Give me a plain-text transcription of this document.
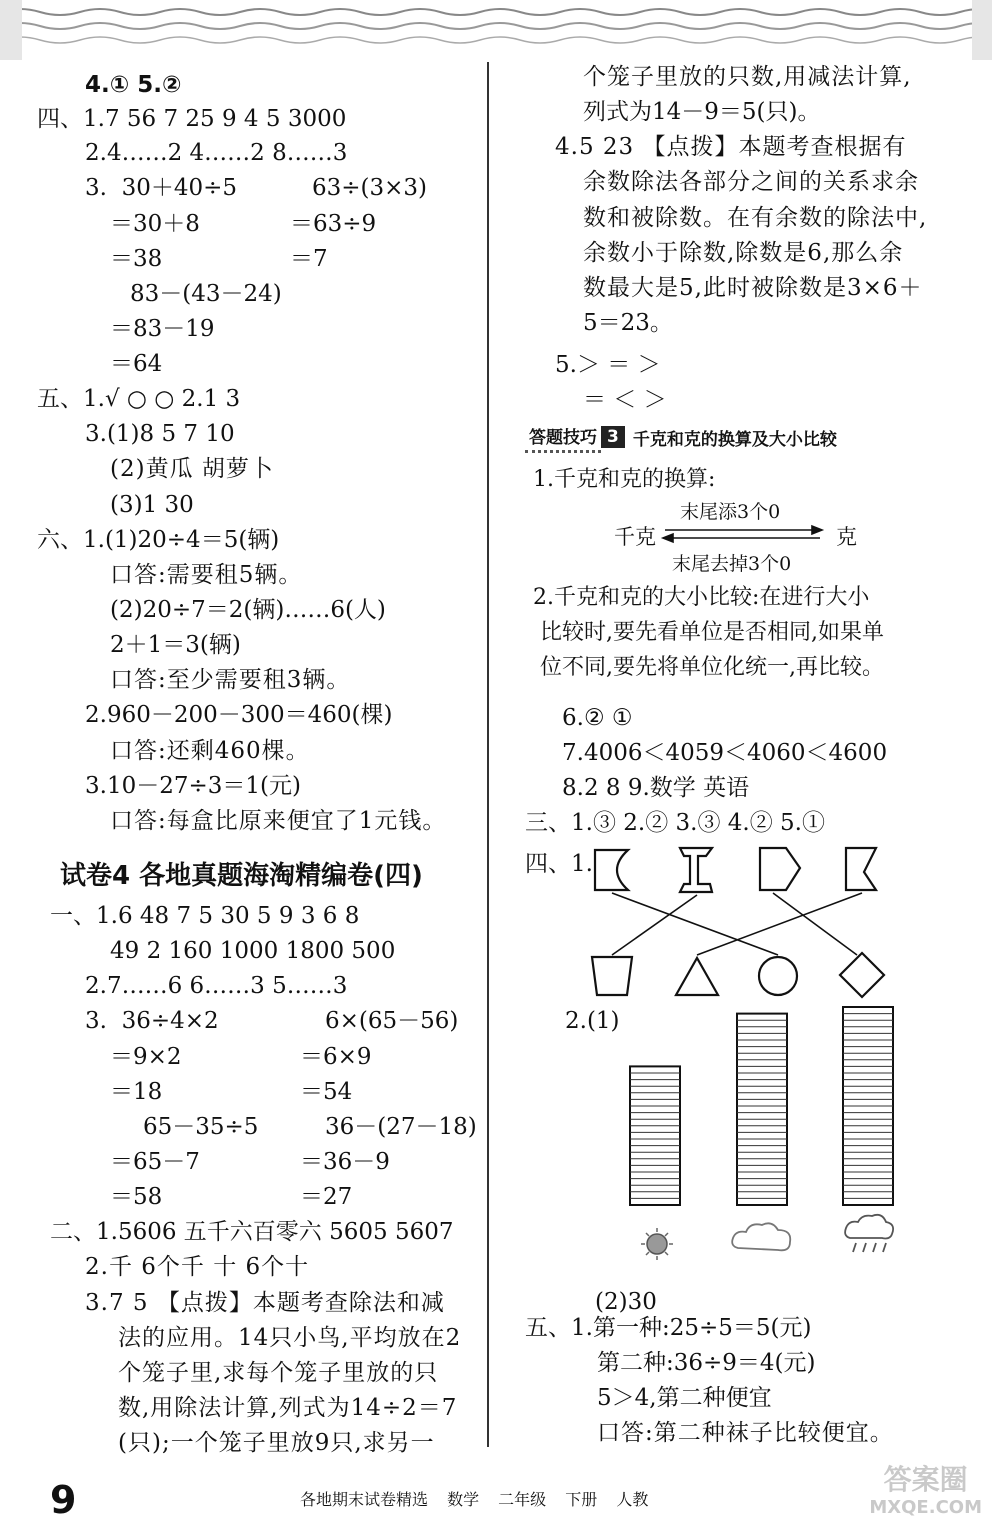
4.① 5.②
四、1.7 56 7 25 9 4 5 3000
2.4……2 4……2 8……3
3.  30＋40÷5	63÷(3×3)
＝30＋8	＝63÷9
＝38	＝7
83－(43－24)
＝83－19
＝64
五、1.√ ○ ○ 2.1 3
3.(1)8 5 7 10
(2)黄瓜 胡萝卜
(3)1 30
六、1.(1)20÷4＝5(辆)
口答:需要租5辆。
(2)20÷7＝2(辆)……6(人)
2＋1＝3(辆)
口答:至少需要租3辆。
2.960－200－300＝460(棵)
口答:还剩460棵。
3.10－27÷3＝1(元)
口答:每盒比原来便宜了1元钱。
试卷4 各地真题海淘精编卷(四)
一、1.6 48 7 5 30 5 9 3 6 8
49 2 160 1000 1800 500
2.7……6 6……3 5……3
3.  36÷4×2	6×(65－56)
＝9×2	＝6×9
＝18	＝54
65－35÷5	36－(27－18)
＝65－7	＝36－9
＝58	＝27
二、1.5606 五千六百零六 5605 5607
2.千 6个千 十 6个十
3.7 5 【点拨】本题考查除法和减
法的应用。14只小鸟,平均放在2
个笼子里,求每个笼子里放的只
数,用除法计算,列式为14÷2＝7
(只);一个笼子里放9只,求另一
个笼子里放的只数,用减法计算,
列式为14－9＝5(只)。
4.5 23 【点拨】本题考查根据有
余数除法各部分之间的关系求余
数和被除数。在有余数的除法中,
余数小于除数,除数是6,那么余
数最大是5,此时被除数是3×6＋
5＝23。
5.＞ ＝ ＞
＝ ＜ ＞
答题技巧 3 千克和克的换算及大小比较
1.千克和克的换算:
末尾添3个0
千克	克
末尾去掉3个0
2.千克和克的大小比较:在进行大小
比较时,要先看单位是否相同,如果单
位不同,要先将单位化统一,再比较。
6.② ①
7.4006＜4059＜4060＜4600
8.2 8 9.数学 英语
三、1.③ 2.② 3.③ 4.② 5.①
四、1.
2.(1)
(2)30
五、1.第一种:25÷5＝5(元)
第二种:36÷9＝4(元)
5＞4,第二种便宜
口答:第二种袜子比较便宜。
9	各地期末试卷精选 数学 二年级 下册 人教
答案圈
MXQE.COM
